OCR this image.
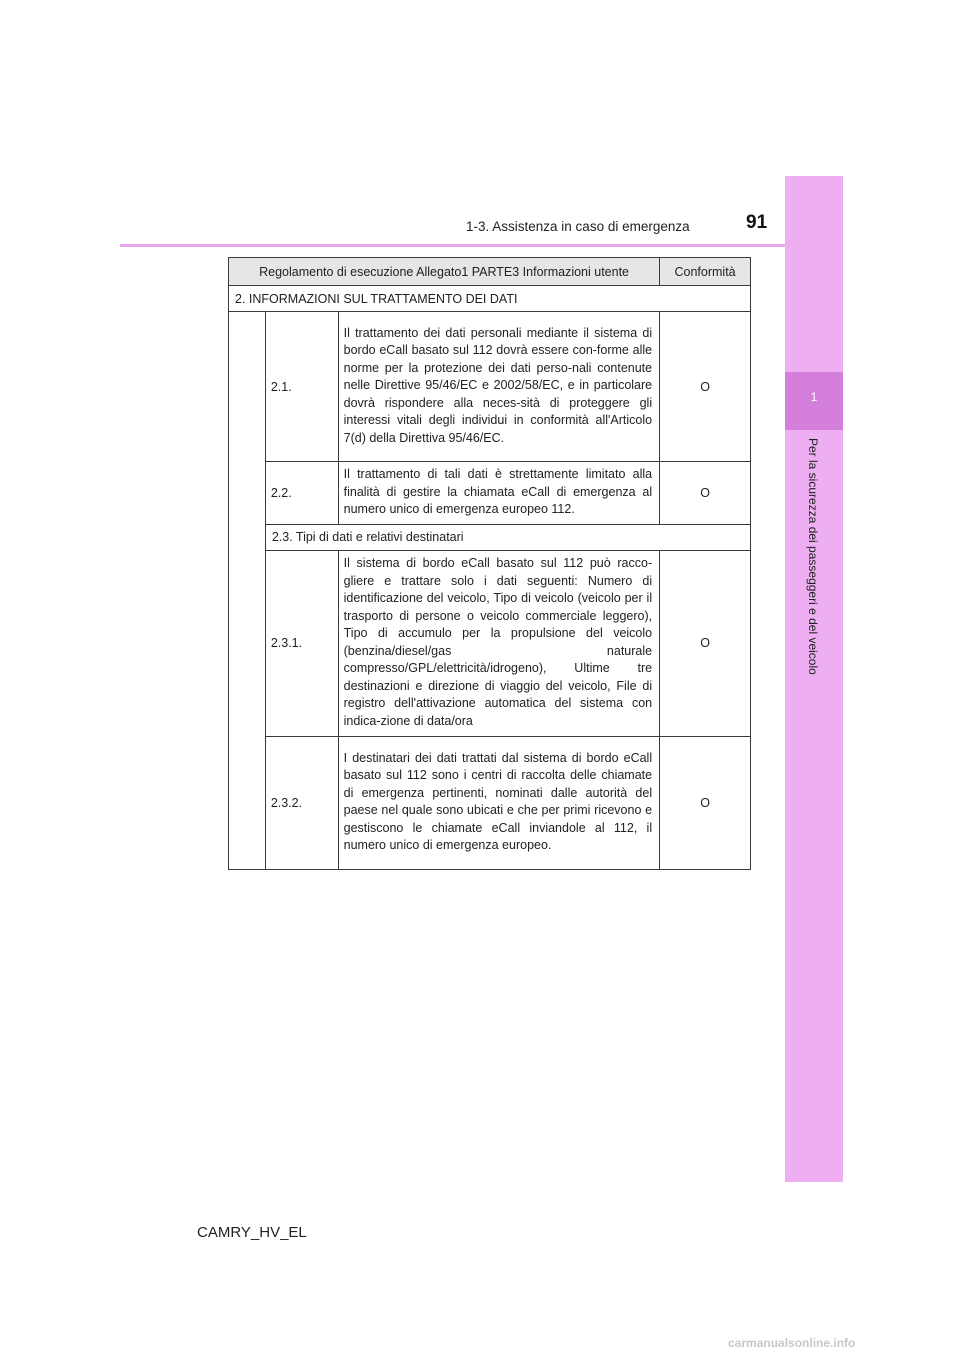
1-3. Assistenza in caso di emergenza	91
1
Per la sicurezza dei passeggeri e del veicolo
Regolamento di esecuzione Allegato1 PARTE3 Informazioni utente			Conformità
2. INFORMAZIONI SUL TRATTAMENTO DEI DATI			
	2.1.	Il trattamento dei dati personali mediante il sistema di bordo eCall basato sul 112 dovrà essere con-forme alle norme per la protezione dei dati perso-nali contenute nelle Direttive 95/46/EC e 2002/58/EC, e in particolare dovrà rispondere alla neces-sità di proteggere gli interessi vitali degli individui in conformità all'Articolo 7(d) della Direttiva 95/46/EC.	O
	2.2.	Il trattamento di tali dati è strettamente limitato alla finalità di gestire la chiamata eCall di emergenza al numero unico di emergenza europeo 112.	O
	2.3. Tipi di dati e relativi destinatari		
	2.3.1.	Il sistema di bordo eCall basato sul 112 può racco-gliere e trattare solo i dati seguenti: Numero di identificazione del veicolo, Tipo di veicolo (veicolo per il trasporto di persone o veicolo commerciale leggero), Tipo di accumulo per la propulsione del veicolo (benzina/diesel/gas naturale compresso/GPL/elettricità/idrogeno), Ultime tre destinazioni e direzione di viaggio del veicolo, File di registro dell'attivazione automatica del sistema con indica-zione di data/ora	O
	2.3.2.	I destinatari dei dati trattati dal sistema di bordo eCall basato sul 112 sono i centri di raccolta delle chiamate di emergenza pertinenti, nominati dalle autorità del paese nel quale sono ubicati e che per primi ricevono e gestiscono le chiamate eCall inviandole al 112, il numero unico di emergenza europeo.	O
CAMRY_HV_EL
carmanualsonline.info
